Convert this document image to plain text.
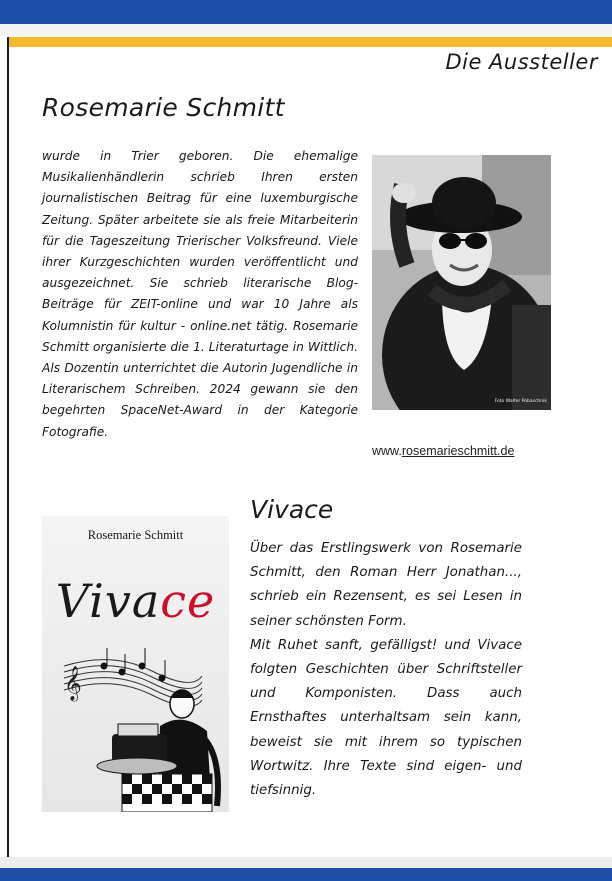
Die Aussteller
Rosemarie Schmitt

wurde in Trier geboren. Die ehemalige Musikalienhändlerin schrieb Ihren ersten journalistischen Beitrag für eine luxemburgische Zeitung. Später arbeitete sie als freie Mitarbeiterin für die Tageszeitung Trierischer Volksfreund. Viele ihrer Kurzgeschichten wurden veröffentlicht und ausgezeichnet. Sie schrieb literarische Blog-Beiträge für ZEIT-online und war 10 Jahre als Kolumnistin für kultur - online.net tätig. Rosemarie Schmitt organisierte die 1. Literaturtage in Wittlich. Als Dozentin unterrichtet die Autorin Jugendliche in Literarischem Schreiben. 2024 gewann sie den begehrten SpaceNet-Award in der Kategorie Fotografie.

Foto Walter Pobaschnik
www.rosemarieschmitt.de
Vivace
𝄞
Rosemarie Schmitt
Vivace
Über das Erstlingswerk von Rosemarie Schmitt, den Roman Herr Jonathan..., schrieb ein Rezensent, es sei Lesen in seiner schönsten Form.
Mit Ruhet sanft, gefälligst! und Vivace folgten Geschichten über Schriftsteller und Komponisten. Dass auch Ernsthaftes unterhaltsam sein kann, beweist sie mit ihrem so typischen Wortwitz. Ihre Texte sind eigen- und tiefsinnig.
